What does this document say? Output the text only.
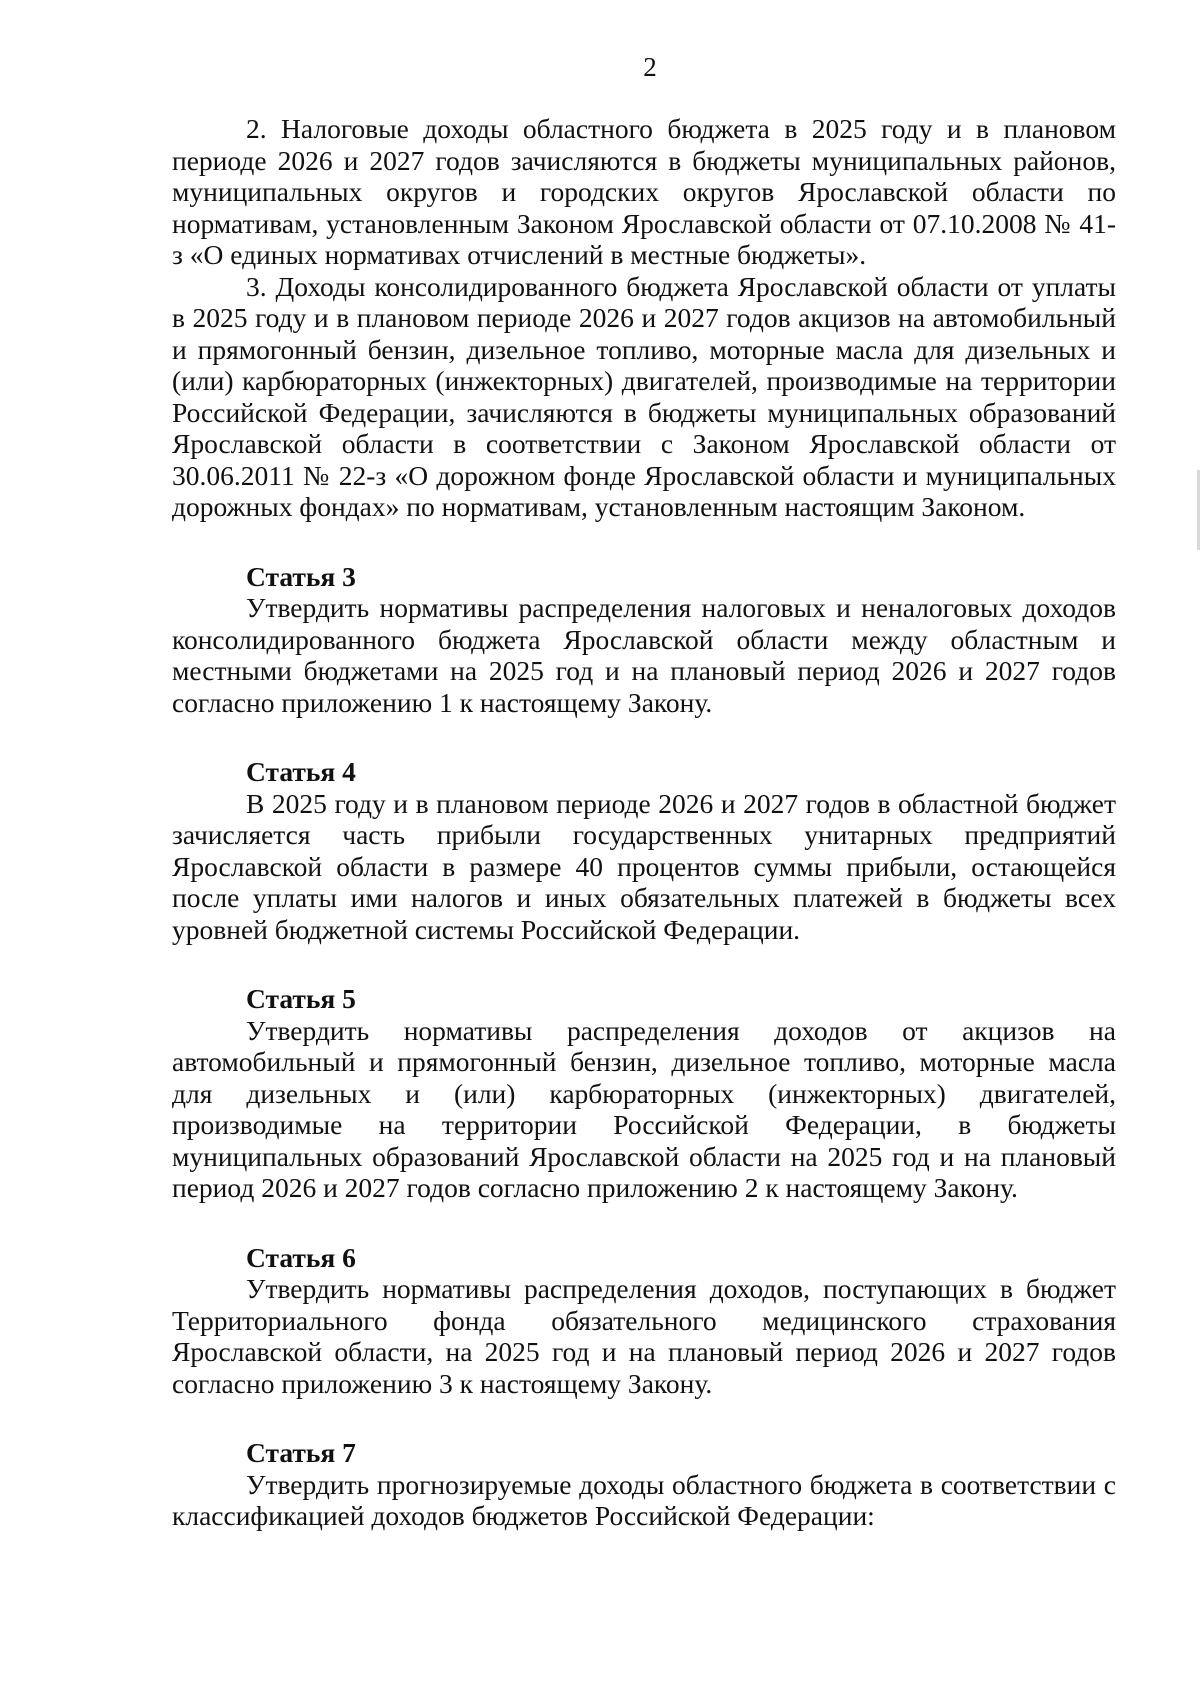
2

2. Налоговые доходы областного бюджета в 2025 году и в плановом периоде 2026 и 2027 годов зачисляются в бюджеты муниципальных районов, муниципальных округов и городских округов Ярославской области по нормативам, установленным Законом Ярославской области от 07.10.2008 № 41-з «О единых нормативах отчислений в местные бюджеты».

3. Доходы консолидированного бюджета Ярославской области от уплаты в 2025 году и в плановом периоде 2026 и 2027 годов акцизов на автомобильный и прямогонный бензин, дизельное топливо, моторные масла для дизельных и (или) карбюраторных (инжекторных) двигателей, производимые на территории Российской Федерации, зачисляются в бюджеты муниципальных образований Ярославской области в соответствии с Законом Ярославской области от 30.06.2011 № 22-з «О дорожном фонде Ярославской области и муниципальных дорожных фондах» по нормативам, установленным настоящим Законом.

Статья 3

Утвердить нормативы распределения налоговых и неналоговых доходов консолидированного бюджета Ярославской области между областным и местными бюджетами на 2025 год и на плановый период 2026 и 2027 годов согласно приложению 1 к настоящему Закону.

Статья 4

В 2025 году и в плановом периоде 2026 и 2027 годов в областной бюджет зачисляется часть прибыли государственных унитарных предприятий Ярославской области в размере 40 процентов суммы прибыли, остающейся после уплаты ими налогов и иных обязательных платежей в бюджеты всех уровней бюджетной системы Российской Федерации.

Статья 5

Утвердить нормативы распределения доходов от акцизов на автомобильный и прямогонный бензин, дизельное топливо, моторные масла для дизельных и (или) карбюраторных (инжекторных) двигателей, производимые на территории Российской Федерации, в бюджеты муниципальных образований Ярославской области на 2025 год и на плановый период 2026 и 2027 годов согласно приложению 2 к настоящему Закону.

Статья 6

Утвердить нормативы распределения доходов, поступающих в бюджет Территориального фонда обязательного медицинского страхования Ярославской области, на 2025 год и на плановый период 2026 и 2027 годов согласно приложению 3 к настоящему Закону.

Статья 7

Утвердить прогнозируемые доходы областного бюджета в соответствии с классификацией доходов бюджетов Российской Федерации:
